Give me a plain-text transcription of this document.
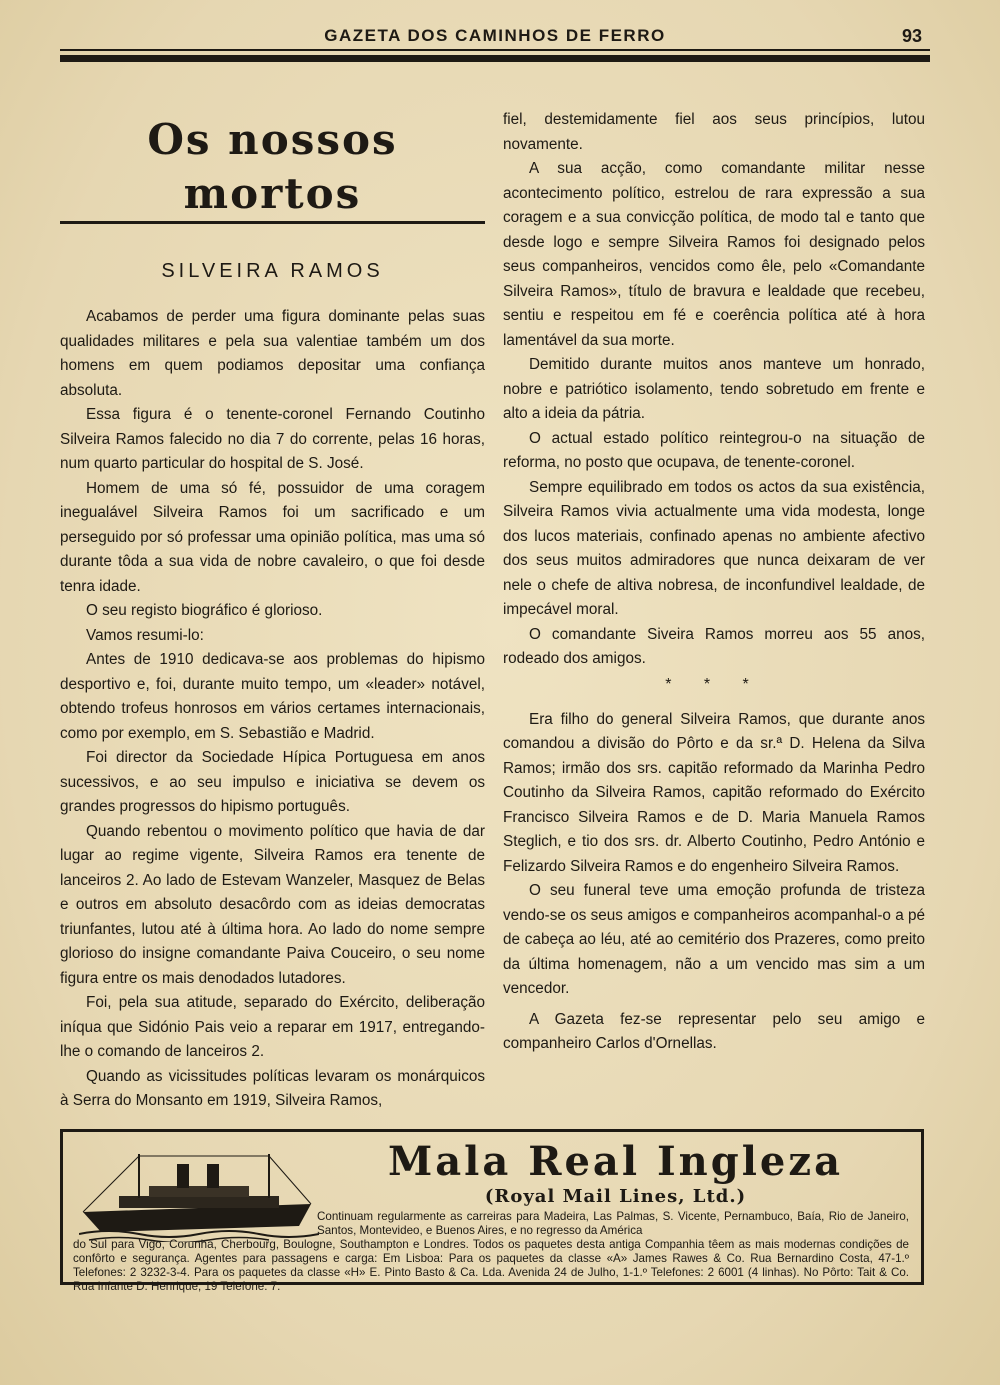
GAZETA DOS CAMINHOS DE FERRO	93
Os nossos mortos
SILVEIRA RAMOS

Acabamos de perder uma figura dominante pelas suas qualidades militares e pela sua valentiae também um dos homens em quem podiamos depositar uma confiança absoluta.

Essa figura é o tenente-coronel Fernando Coutinho Silveira Ramos falecido no dia 7 do corrente, pelas 16 horas, num quarto particular do hospital de S. José.

Homem de uma só fé, possuidor de uma coragem inegualável Silveira Ramos foi um sacrificado e um perseguido por só professar uma opinião política, mas uma só durante tôda a sua vida de nobre cavaleiro, o que foi desde tenra idade.

O seu registo biográfico é glorioso.

Vamos resumi-lo:

Antes de 1910 dedicava-se aos problemas do hipismo desportivo e, foi, durante muito tempo, um «leader» notável, obtendo trofeus honrosos em vários certames internacionais, como por exemplo, em S. Sebastião e Madrid.

Foi director da Sociedade Hípica Portuguesa em anos sucessivos, e ao seu impulso e iniciativa se devem os grandes progressos do hipismo português.

Quando rebentou o movimento político que havia de dar lugar ao regime vigente, Silveira Ramos era tenente de lanceiros 2. Ao lado de Estevam Wanzeler, Masquez de Belas e outros em absoluto desacôrdo com as ideias democratas triunfantes, lutou até à última hora. Ao lado do nome sempre glorioso do insigne comandante Paiva Couceiro, o seu nome figura entre os mais denodados lutadores.

Foi, pela sua atitude, separado do Exército, deliberação iníqua que Sidónio Pais veio a reparar em 1917, entregando-lhe o comando de lanceiros 2.

Quando as vicissitudes políticas levaram os monárquicos à Serra do Monsanto em 1919, Silveira Ramos,

fiel, destemidamente fiel aos seus princípios, lutou novamente.

A sua acção, como comandante militar nesse acontecimento político, estrelou de rara expressão a sua coragem e a sua convicção política, de modo tal e tanto que desde logo e sempre Silveira Ramos foi designado pelos seus companheiros, vencidos como êle, pelo «Comandante Silveira Ramos», título de bravura e lealdade que recebeu, sentiu e respeitou em fé e coerência política até à hora lamentável da sua morte.

Demitido durante muitos anos manteve um honrado, nobre e patriótico isolamento, tendo sobretudo em frente e alto a ideia da pátria.

O actual estado político reintegrou-o na situação de reforma, no posto que ocupava, de tenente-coronel.

Sempre equilibrado em todos os actos da sua existência, Silveira Ramos vivia actualmente uma vida modesta, longe dos lucos materiais, confinado apenas no ambiente afectivo dos seus muitos admiradores que nunca deixaram de ver nele o chefe de altiva nobresa, de inconfundivel lealdade, de impecável moral.

O comandante Siveira Ramos morreu aos 55 anos, rodeado dos amigos.

* * *

Era filho do general Silveira Ramos, que durante anos comandou a divisão do Pôrto e da sr.ª D. Helena da Silva Ramos; irmão dos srs. capitão reformado da Marinha Pedro Coutinho da Silveira Ramos, capitão reformado do Exército Francisco Silveira Ramos e de D. Maria Manuela Ramos Steglich, e tio dos srs. dr. Alberto Coutinho, Pedro António e Felizardo Silveira Ramos e do engenheiro Silveira Ramos.

O seu funeral teve uma emoção profunda de tristeza vendo-se os seus amigos e companheiros acompanhal-o a pé de cabeça ao léu, até ao cemitério dos Prazeres, como preito da última homenagem, não a um vencido mas sim a um vencedor.

A Gazeta fez-se representar pelo seu amigo e companheiro Carlos d'Ornellas.

Mala Real Ingleza
(Royal Mail Lines, Ltd.)
Continuam regularmente as carreiras para Madeira, Las Palmas, S. Vicente, Pernambuco, Baía, Rio de Janeiro, Santos, Montevideo, e Buenos Aires, e no regresso da América
do Sul para Vigo, Corunha, Cherbourg, Boulogne, Southampton e Londres. Todos os paquetes desta antiga Companhia têem as mais modernas condições de confôrto e segurança. Agentes para passagens e carga: Em Lisboa: Para os paquetes da classe «A» James Rawes & Co. Rua Bernardino Costa, 47-1.º Telefones: 2 3232-3-4. Para os paquetes da classe «H» E. Pinto Basto & Ca. Lda. Avenida 24 de Julho, 1-1.º Telefones: 2 6001 (4 linhas). No Pôrto: Tait & Co. Rua Infante D. Henrique, 19 Telefone: 7.
